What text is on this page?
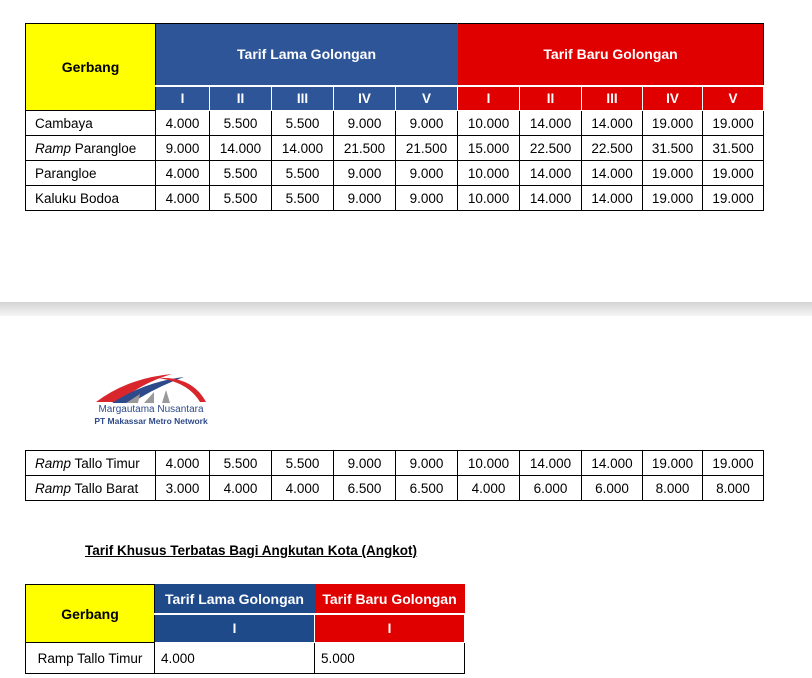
Gerbang	Tarif Lama Golongan					Tarif Baru Golongan				
	I	II	III	IV	V	I	II	III	IV	V
Cambaya	4.000	5.500	5.500	9.000	9.000	10.000	14.000	14.000	19.000	19.000
Ramp Parangloe	9.000	14.000	14.000	21.500	21.500	15.000	22.500	22.500	31.500	31.500
Parangloe	4.000	5.500	5.500	9.000	9.000	10.000	14.000	14.000	19.000	19.000
Kaluku Bodoa	4.000	5.500	5.500	9.000	9.000	10.000	14.000	14.000	19.000	19.000
Margautama Nusantara
PT Makassar Metro Network
Ramp Tallo Timur	4.000	5.500	5.500	9.000	9.000	10.000	14.000	14.000	19.000	19.000
Ramp Tallo Barat	3.000	4.000	4.000	6.500	6.500	4.000	6.000	6.000	8.000	8.000
Tarif Khusus Terbatas Bagi Angkutan Kota (Angkot)
Gerbang	Tarif Lama Golongan	Tarif Baru Golongan
	I	I
Ramp Tallo Timur	4.000	5.000
